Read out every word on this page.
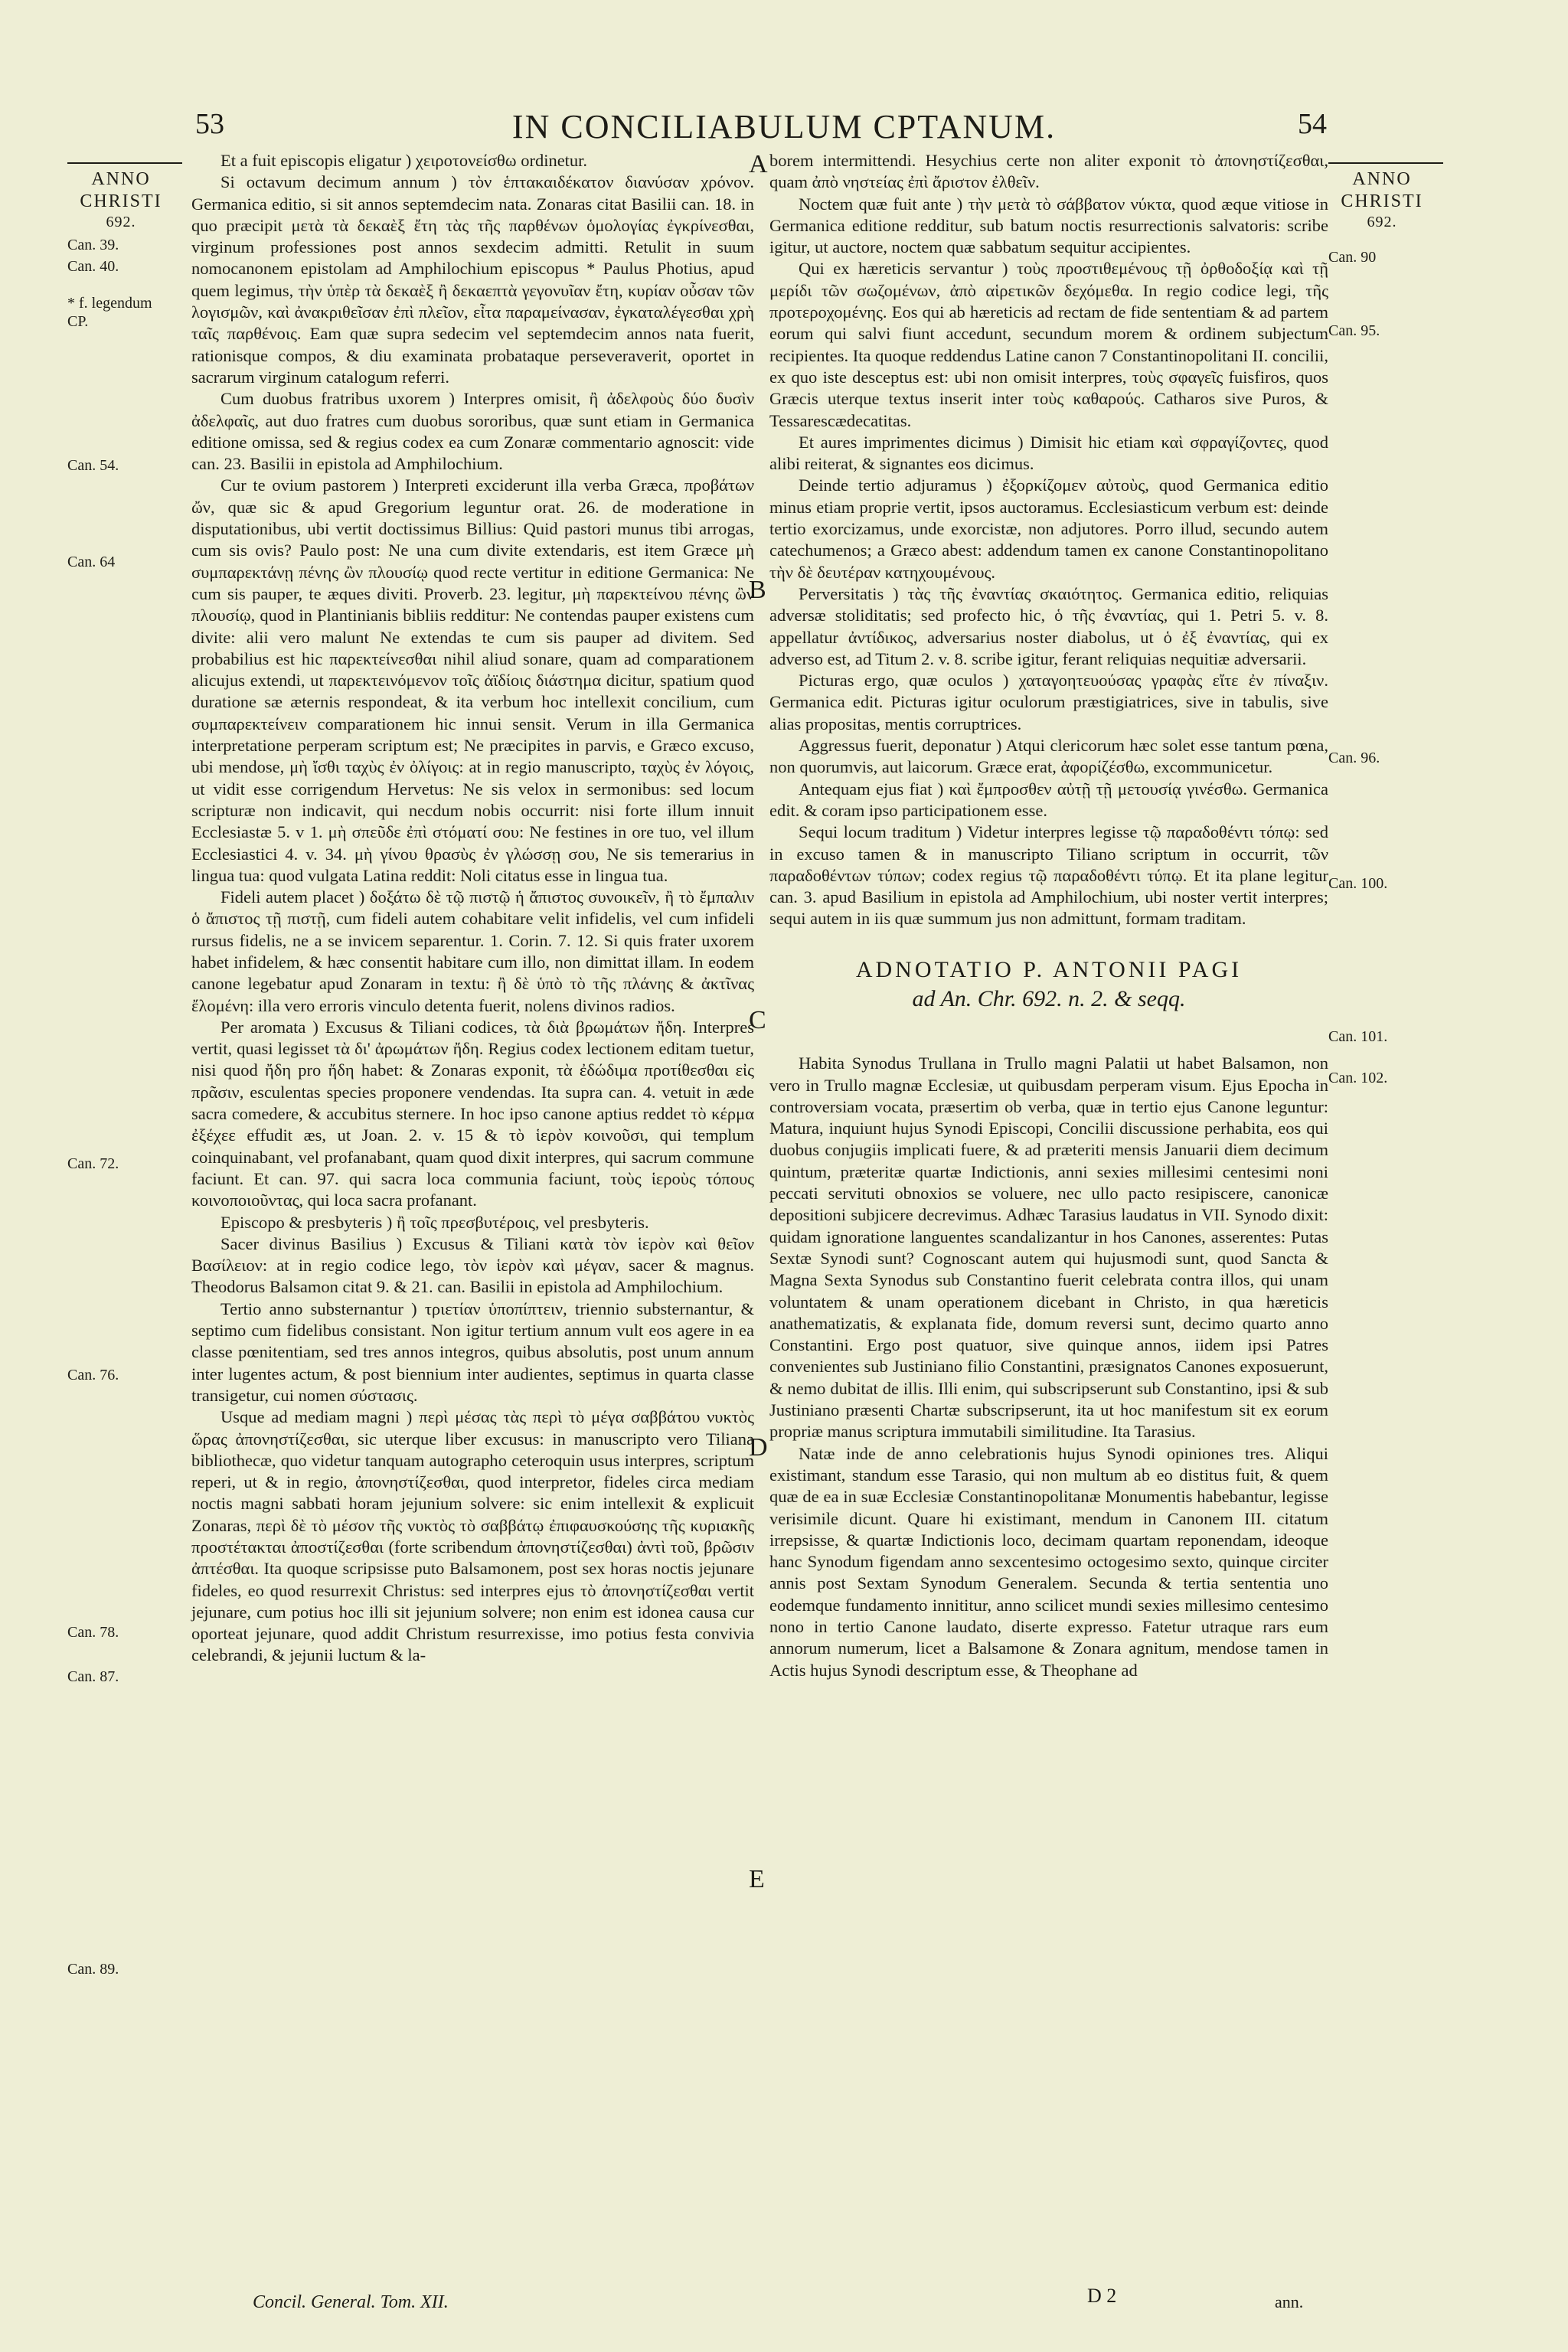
53	IN CONCILIABULUM CPTANUM.	54
ANNO
CHRISTI
692.
Can. 39.
Can. 40.
* f. legendum CP.
Can. 54.
Can. 64
Can. 72.
Can. 76.
Can. 78.
Can. 87.
Can. 89.
ANNO
CHRISTI
692.
Can. 90
Can. 95.
Can. 96.
Can. 100.
Can. 101.
Can. 102.
A
B
C
D
E

Et a fuit episcopis eligatur ) χειροτονείσθω ordinetur.

Si octavum decimum annum ) τὸν ἑπτακαιδέκατον διανύσαν χρόνον. Germanica editio, si sit annos septemdecim nata. Zonaras citat Basilii can. 18. in quo præcipit μετὰ τὰ δεκαὲξ ἔτη τὰς τῆς παρθένων ὁμολογίας ἐγκρίνεσθαι, virginum professiones post annos sexdecim admitti. Retulit in suum nomocanonem epistolam ad Amphilochium episcopus * Paulus Photius, apud quem legimus, τὴν ὑπὲρ τὰ δεκαὲξ ἢ δεκαεπτὰ γεγονυῖαν ἔτη, κυρίαν οὖσαν τῶν λογισμῶν, καὶ ἀνακριθεῖσαν ἐπὶ πλεῖον, εἶτα παραμείνασαν, ἐγκαταλέγεσθαι χρὴ ταῖς παρθένοις. Eam quæ supra sedecim vel septemdecim annos nata fuerit, rationisque compos, & diu examinata probataque perseveraverit, oportet in sacrarum virginum catalogum referri.

Cum duobus fratribus uxorem ) Interpres omisit, ἢ ἀδελφοὺς δύο δυσὶν ἀδελφαῖς, aut duo fratres cum duobus sororibus, quæ sunt etiam in Germanica editione omissa, sed & regius codex ea cum Zonaræ commentario agnoscit: vide can. 23. Basilii in epistola ad Amphilochium.

Cur te ovium pastorem ) Interpreti exciderunt illa verba Græca, προβάτων ὤν, quæ sic & apud Gregorium leguntur orat. 26. de moderatione in disputationibus, ubi vertit doctissimus Billius: Quid pastori munus tibi arrogas, cum sis ovis? Paulo post: Ne una cum divite extendaris, est item Græce μὴ συμπαρεκτάνῃ πένης ὢν πλουσίῳ quod recte vertitur in editione Germanica: Ne cum sis pauper, te æques diviti. Proverb. 23. legitur, μὴ παρεκτείνου πένης ὢν πλουσίῳ, quod in Plantinianis bibliis redditur: Ne contendas pauper existens cum divite: alii vero malunt Ne extendas te cum sis pauper ad divitem. Sed probabilius est hic παρεκτείνεσθαι nihil aliud sonare, quam ad comparationem alicujus extendi, ut παρεκτεινόμενον τοῖς ἀϊδίοις διάστημα dicitur, spatium quod duratione sæ æternis respondeat, & ita verbum hoc intellexit concilium, cum συμπαρεκτείνειν comparationem hic innui sensit. Verum in illa Germanica interpretatione perperam scriptum est; Ne præcipites in parvis, e Græco excuso, ubi mendose, μὴ ἴσθι ταχὺς ἐν ὀλίγοις: at in regio manuscripto, ταχὺς ἐν λόγοις, ut vidit esse corrigendum Hervetus: Ne sis velox in sermonibus: sed locum scripturæ non indicavit, qui necdum nobis occurrit: nisi forte illum innuit Ecclesiastæ 5. v 1. μὴ σπεῦδε ἐπὶ στόματί σου: Ne festines in ore tuo, vel illum Ecclesiastici 4. v. 34. μὴ γίνου θρασὺς ἐν γλώσσῃ σου, Ne sis temerarius in lingua tua: quod vulgata Latina reddit: Noli citatus esse in lingua tua.

Fideli autem placet ) δοξάτω δὲ τῷ πιστῷ ἡ ἄπιστος συνοικεῖν, ἢ τὸ ἔμπαλιν ὁ ἄπιστος τῇ πιστῇ, cum fideli autem cohabitare velit infidelis, vel cum infideli rursus fidelis, ne a se invicem separentur. 1. Corin. 7. 12. Si quis frater uxorem habet infidelem, & hæc consentit habitare cum illo, non dimittat illam. In eodem canone legebatur apud Zonaram in textu: ἢ δὲ ὑπὸ τὸ τῆς πλάνης & ἀκτῖνας ἔλομένη: illa vero erroris vinculo detenta fuerit, nolens divinos radios.

Per aromata ) Excusus & Tiliani codices, τὰ διὰ βρωμάτων ἤδη. Interpres vertit, quasi legisset τὰ δι' ἀρωμάτων ἤδη. Regius codex lectionem editam tuetur, nisi quod ἤδη pro ἤδη habet: & Zonaras exponit, τὰ ἐδώδιμα προτίθεσθαι εἰς πρᾶσιν, esculentas species proponere vendendas. Ita supra can. 4. vetuit in æde sacra comedere, & accubitus sternere. In hoc ipso canone aptius reddet τὸ κέρμα ἐξέχεε effudit æs, ut Joan. 2. v. 15 & τὸ ἱερὸν κοινοῦσι, qui templum coinquinabant, vel profanabant, quam quod dixit interpres, qui sacrum commune faciunt. Et can. 97. qui sacra loca communia faciunt, τοὺς ἱεροὺς τόπους κοινοποιοῦντας, qui loca sacra profanant.

Episcopo & presbyteris ) ἢ τοῖς πρεσβυτέροις, vel presbyteris.

Sacer divinus Basilius ) Excusus & Tiliani κατὰ τὸν ἱερὸν καὶ θεῖον Βασίλειον: at in regio codice lego, τὸν ἱερὸν καὶ μέγαν, sacer & magnus. Theodorus Balsamon citat 9. & 21. can. Basilii in epistola ad Amphilochium.

Tertio anno substernantur ) τριετίαν ὑποπίπτειν, triennio substernantur, & septimo cum fidelibus consistant. Non igitur tertium annum vult eos agere in ea classe pœnitentiam, sed tres annos integros, quibus absolutis, post unum annum inter lugentes actum, & post biennium inter audientes, septimus in quarta classe transigetur, cui nomen σύστασις.

Usque ad mediam magni ) περὶ μέσας τὰς περὶ τὸ μέγα σαββάτου νυκτὸς ὥρας ἀπονηστίζεσθαι, sic uterque liber excusus: in manuscripto vero Tiliana bibliothecæ, quo videtur tanquam autographo ceteroquin usus interpres, scriptum reperi, ut & in regio, ἀπονηστίζεσθαι, quod interpretor, fideles circa mediam noctis magni sabbati horam jejunium solvere: sic enim intellexit & explicuit Zonaras, περὶ δὲ τὸ μέσον τῆς νυκτὸς τὸ σαββάτῳ ἐπιφαυσκούσης τῆς κυριακῆς προστέτακται ἀποστίζεσθαι (forte scribendum ἀπονηστίζεσθαι) ἀντὶ τοῦ, βρῶσιν ἀπτέσθαι. Ita quoque scripsisse puto Balsamonem, post sex horas noctis jejunare fideles, eo quod resurrexit Christus: sed interpres ejus τὸ ἀπονηστίζεσθαι vertit jejunare, cum potius hoc illi sit jejunium solvere; non enim est idonea causa cur oporteat jejunare, quod addit Christum resurrexisse, imo potius festa convivia celebrandi, & jejunii luctum & la-

borem intermittendi. Hesychius certe non aliter exponit τὸ ἀπονηστίζεσθαι, quam ἀπὸ νηστείας ἐπὶ ἄριστον ἐλθεῖν.

Noctem quæ fuit ante ) τὴν μετὰ τὸ σάββατον νύκτα, quod æque vitiose in Germanica editione redditur, sub batum noctis resurrectionis salvatoris: scribe igitur, ut auctore, noctem quæ sabbatum sequitur accipientes.

Qui ex hæreticis servantur ) τοὺς προστιθεμένους τῇ ὀρθοδοξίᾳ καὶ τῇ μερίδι τῶν σωζομένων, ἀπὸ αἱρετικῶν δεχόμεθα. In regio codice legi, τῆς προτεροχομένης. Eos qui ab hæreticis ad rectam de fide sententiam & ad partem eorum qui salvi fiunt accedunt, secundum morem & ordinem subjectum recipientes. Ita quoque reddendus Latine canon 7 Constantinopolitani II. concilii, ex quo iste desceptus est: ubi non omisit interpres, τοὺς σφαγεῖς fuisfiros, quos Græcis uterque textus inserit inter τοὺς καθαρούς. Catharos sive Puros, & Tessarescædecatitas.

Et aures imprimentes dicimus ) Dimisit hic etiam καὶ σφραγίζοντες, quod alibi reiterat, & signantes eos dicimus.

Deinde tertio adjuramus ) ἐξορκίζομεν αὐτοὺς, quod Germanica editio minus etiam proprie vertit, ipsos auctoramus. Ecclesiasticum verbum est: deinde tertio exorcizamus, unde exorcistæ, non adjutores. Porro illud, secundo autem catechumenos; a Græco abest: addendum tamen ex canone Constantinopolitano τὴν δὲ δευτέραν κατηχουμένους.

Perversitatis ) τὰς τῆς ἐναντίας σκαιότητος. Germanica editio, reliquias adversæ stoliditatis; sed profecto hic, ὁ τῆς ἐναντίας, qui 1. Petri 5. v. 8. appellatur ἀντίδικος, adversarius noster diabolus, ut ὁ ἐξ ἐναντίας, qui ex adverso est, ad Titum 2. v. 8. scribe igitur, ferant reliquias nequitiæ adversarii.

Picturas ergo, quæ oculos ) χαταγοητευούσας γραφὰς εἴτε ἐν πίναξιν. Germanica edit. Picturas igitur oculorum præstigiatrices, sive in tabulis, sive alias propositas, mentis corruptrices.

Aggressus fuerit, deponatur ) Atqui clericorum hæc solet esse tantum pœna, non quorumvis, aut laicorum. Græce erat, ἀφορίζέσθω, excommunicetur.

Antequam ejus fiat ) καὶ ἔμπροσθεν αὐτῇ τῇ μετουσίᾳ γινέσθω. Germanica edit. & coram ipso participationem esse.

Sequi locum traditum ) Videtur interpres legisse τῷ παραδοθέντι τόπῳ: sed in excuso tamen & in manuscripto Tiliano scriptum in occurrit, τῶν παραδοθέντων τύπων; codex regius τῷ παραδοθέντι τύπῳ. Et ita plane legitur can. 3. apud Basilium in epistola ad Amphilochium, ubi noster vertit interpres; sequi autem in iis quæ summum jus non admittunt, formam traditam.

ADNOTATIO P. ANTONII PAGI
ad An. Chr. 692. n. 2. & seqq.

Habita Synodus Trullana in Trullo magni Palatii ut habet Balsamon, non vero in Trullo magnæ Ecclesiæ, ut quibusdam perperam visum. Ejus Epocha in controversiam vocata, præsertim ob verba, quæ in tertio ejus Canone leguntur: Matura, inquiunt hujus Synodi Episcopi, Concilii discussione perhabita, eos qui duobus conjugiis implicati fuere, & ad præteriti mensis Januarii diem decimum quintum, præteritæ quartæ Indictionis, anni sexies millesimi centesimi noni peccati servituti obnoxios se voluere, nec ullo pacto resipiscere, canonicæ depositioni subjicere decrevimus. Adhæc Tarasius laudatus in VII. Synodo dixit: quidam ignoratione languentes scandalizantur in hos Canones, asserentes: Putas Sextæ Synodi sunt? Cognoscant autem qui hujusmodi sunt, quod Sancta & Magna Sexta Synodus sub Constantino fuerit celebrata contra illos, qui unam voluntatem & unam operationem dicebant in Christo, in qua hæreticis anathematizatis, & explanata fide, domum reversi sunt, decimo quarto anno Constantini. Ergo post quatuor, sive quinque annos, iidem ipsi Patres convenientes sub Justiniano filio Constantini, præsignatos Canones exposuerunt, & nemo dubitat de illis. Illi enim, qui subscripserunt sub Constantino, ipsi & sub Justiniano præsenti Chartæ subscripserunt, ita ut hoc manifestum sit ex eorum propriæ manus scriptura immutabili similitudine. Ita Tarasius.

Natæ inde de anno celebrationis hujus Synodi opiniones tres. Aliqui existimant, standum esse Tarasio, qui non multum ab eo distitus fuit, & quem quæ de ea in suæ Ecclesiæ Constantinopolitanæ Monumentis habebantur, legisse verisimile dicunt. Quare hi existimant, mendum in Canonem III. citatum irrepsisse, & quartæ Indictionis loco, decimam quartam reponendam, ideoque hanc Synodum figendam anno sexcentesimo octogesimo sexto, quinque circiter annis post Sextam Synodum Generalem. Secunda & tertia sententia uno eodemque fundamento innititur, anno scilicet mundi sexies millesimo centesimo nono in tertio Canone laudato, diserte expresso. Fatetur utraque rars eum annorum numerum, licet a Balsamone & Zonara agnitum, mendose tamen in Actis hujus Synodi descriptum esse, & Theophane ad

Concil. General. Tom. XII.	D 2	ann.
